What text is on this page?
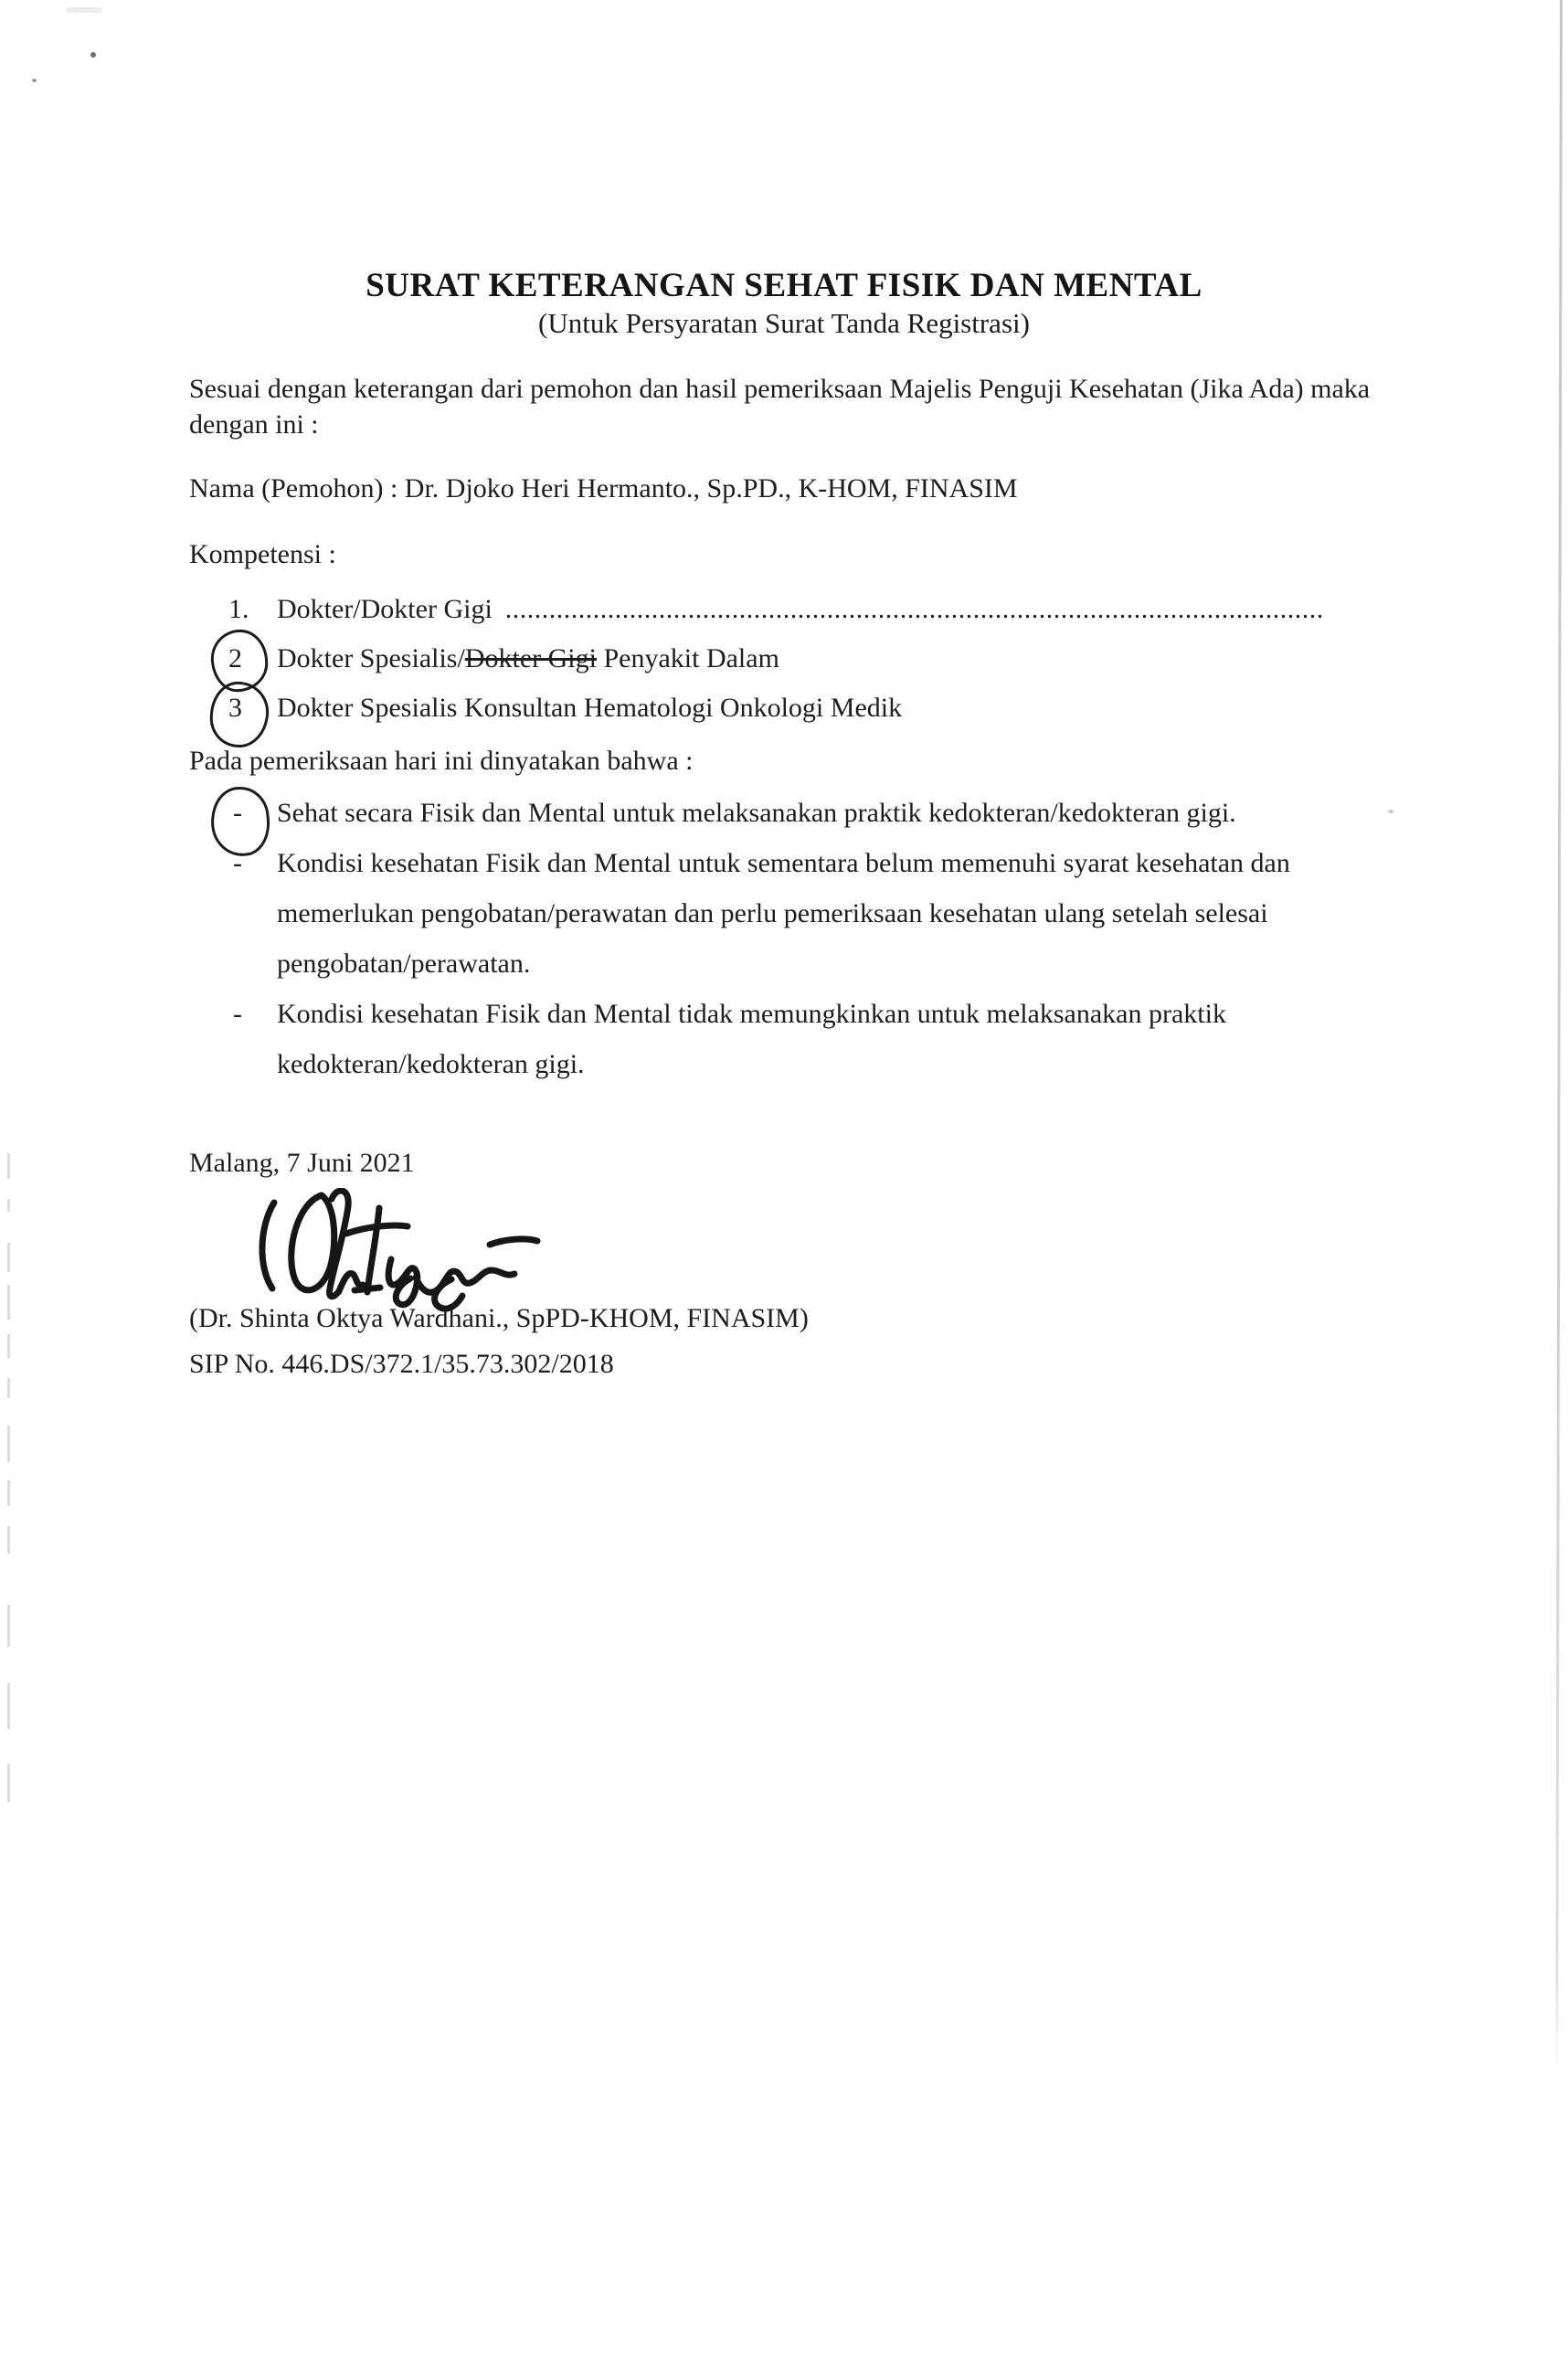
SURAT KETERANGAN SEHAT FISIK DAN MENTAL
(Untuk Persyaratan Surat Tanda Registrasi)

Sesuai dengan keterangan dari pemohon dan hasil pemeriksaan Majelis Penguji Kesehatan (Jika Ada) maka dengan ini :

Nama (Pemohon) : Dr. Djoko Heri Hermanto., Sp.PD., K-HOM, FINASIM

Kompetensi :

1.	Dokter/Dokter Gigi ................................................................................................................
2	Dokter Spesialis/Dokter Gigi Penyakit Dalam
3	Dokter Spesialis Konsultan Hematologi Onkologi Medik

Pada pemeriksaan hari ini dinyatakan bahwa :

- Sehat secara Fisik dan Mental untuk melaksanakan praktik kedokteran/kedokteran gigi.
- Kondisi kesehatan Fisik dan Mental untuk sementara belum memenuhi syarat kesehatan dan memerlukan pengobatan/perawatan dan perlu pemeriksaan kesehatan ulang setelah selesai pengobatan/perawatan.
- Kondisi kesehatan Fisik dan Mental tidak memungkinkan untuk melaksanakan praktik kedokteran/kedokteran gigi.

Malang, 7 Juni 2021

(Dr. Shinta Oktya Wardhani., SpPD-KHOM, FINASIM)

SIP No. 446.DS/372.1/35.73.302/2018
